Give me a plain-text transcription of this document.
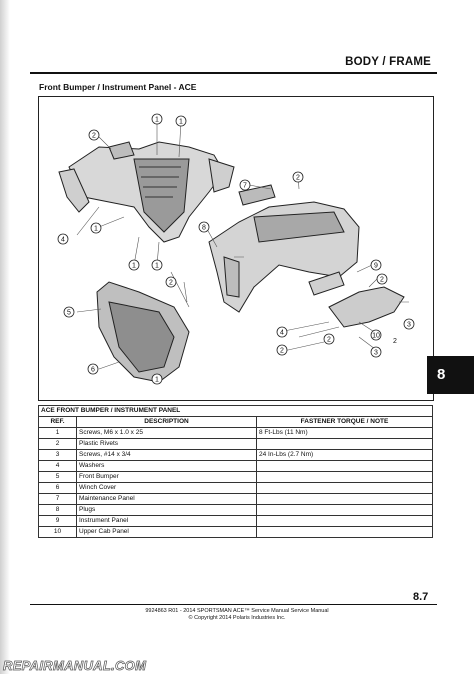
BODY / FRAME
Front Bumper / Instrument Panel - ACE
1	1
2
4
1
1	1
2
5
6
1
7
2
8
9
2
4
2
2
10
3
3
2
8
ACE FRONT BUMPER / INSTRUMENT PANEL		
REF.	DESCRIPTION	FASTENER TORQUE / NOTE
1	Screws, M6 x 1.0 x 25	8 Ft-Lbs (11 Nm)
2	Plastic Rivets	
3	Screws, #14 x 3/4	24 In-Lbs (2.7 Nm)
4	Washers	
5	Front Bumper	
6	Winch Cover	
7	Maintenance Panel	
8	Plugs	
9	Instrument Panel	
10	Upper Cab Panel	
8.7
9924863 R01 - 2014 SPORTSMAN ACE™ Service Manual Service Manual
© Copyright 2014 Polaris Industries Inc.
REPAIRMANUAL.COM
